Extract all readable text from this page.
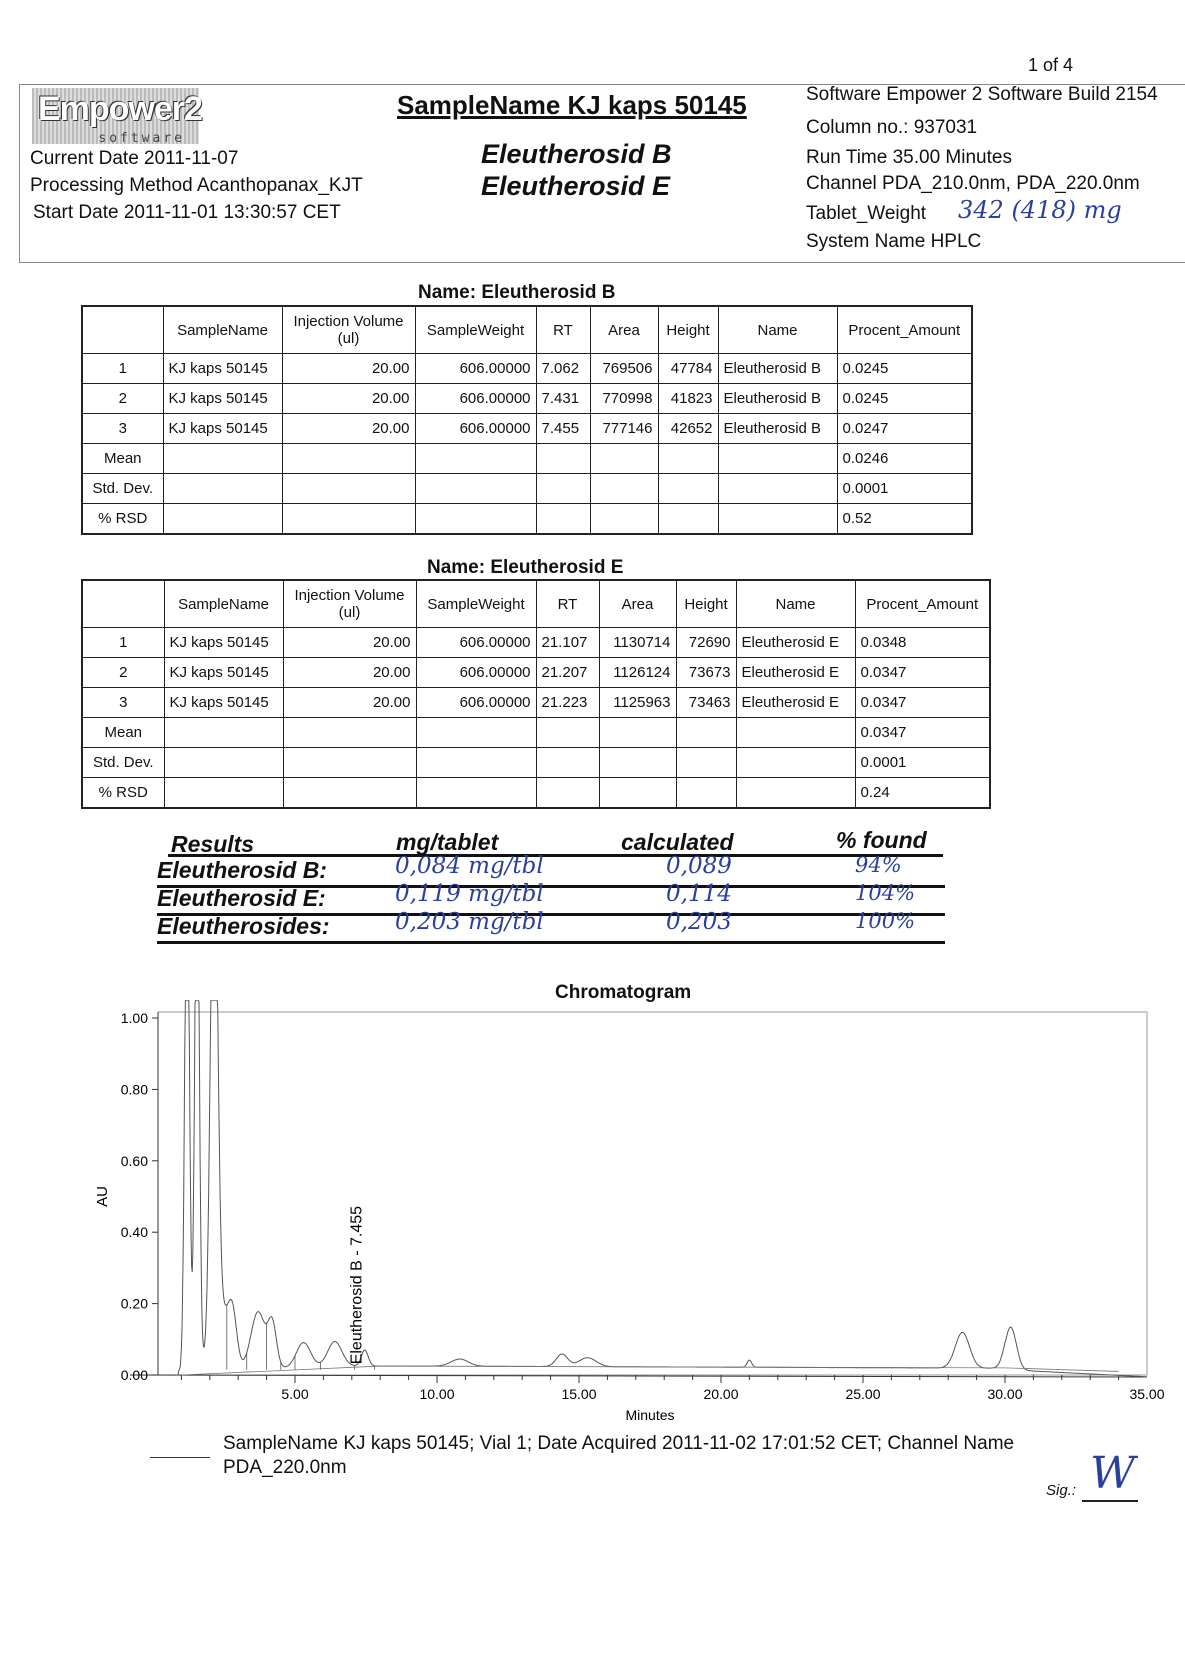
1 of 4
Empower2
software
SampleName KJ kaps 50145
Eleutherosid B
Eleutherosid E
Current Date 2011-11-07
Processing Method Acanthopanax_KJT
Start Date 2011-11-01 13:30:57 CET
Software Empower 2 Software Build 2154
Column no.: 937031
Run Time 35.00 Minutes
Channel PDA_210.0nm, PDA_220.0nm
Tablet_Weight 342 (418) mg
System Name HPLC
Name: Eleutherosid B
	SampleName	Injection Volume (ul)	SampleWeight	RT	Area	Height	Name	Procent_Amount
1	KJ kaps 50145	20.00	606.00000	7.062	769506	47784	Eleutherosid B	0.0245
2	KJ kaps 50145	20.00	606.00000	7.431	770998	41823	Eleutherosid B	0.0245
3	KJ kaps 50145	20.00	606.00000	7.455	777146	42652	Eleutherosid B	0.0247
Mean								0.0246
Std. Dev.								0.0001
% RSD								0.52
Name: Eleutherosid E
	SampleName	Injection Volume (ul)	SampleWeight	RT	Area	Height	Name	Procent_Amount
1	KJ kaps 50145	20.00	606.00000	21.107	1130714	72690	Eleutherosid E	0.0348
2	KJ kaps 50145	20.00	606.00000	21.207	1126124	73673	Eleutherosid E	0.0347
3	KJ kaps 50145	20.00	606.00000	21.223	1125963	73463	Eleutherosid E	0.0347
Mean								0.0347
Std. Dev.								0.0001
% RSD								0.24
Results	mg/tablet	calculated	% found
Eleutherosid B:	0,084 mg/tbl	0,089	94%
Eleutherosid E:	0,119 mg/tbl	0,114	104%
Eleutherosides:	0,203 mg/tbl	0,203	100%
Chromatogram
0.00
0.20
0.40
0.60
0.80
1.00
5.00	10.00	15.00	20.00	25.00	30.00	35.00
Minutes
AU
Eleutherosid B - 7.455
SampleName KJ kaps 50145; Vial 1; Date Acquired 2011-11-02 17:01:52 CET; Channel Name PDA_220.0nm
Sig.: W
